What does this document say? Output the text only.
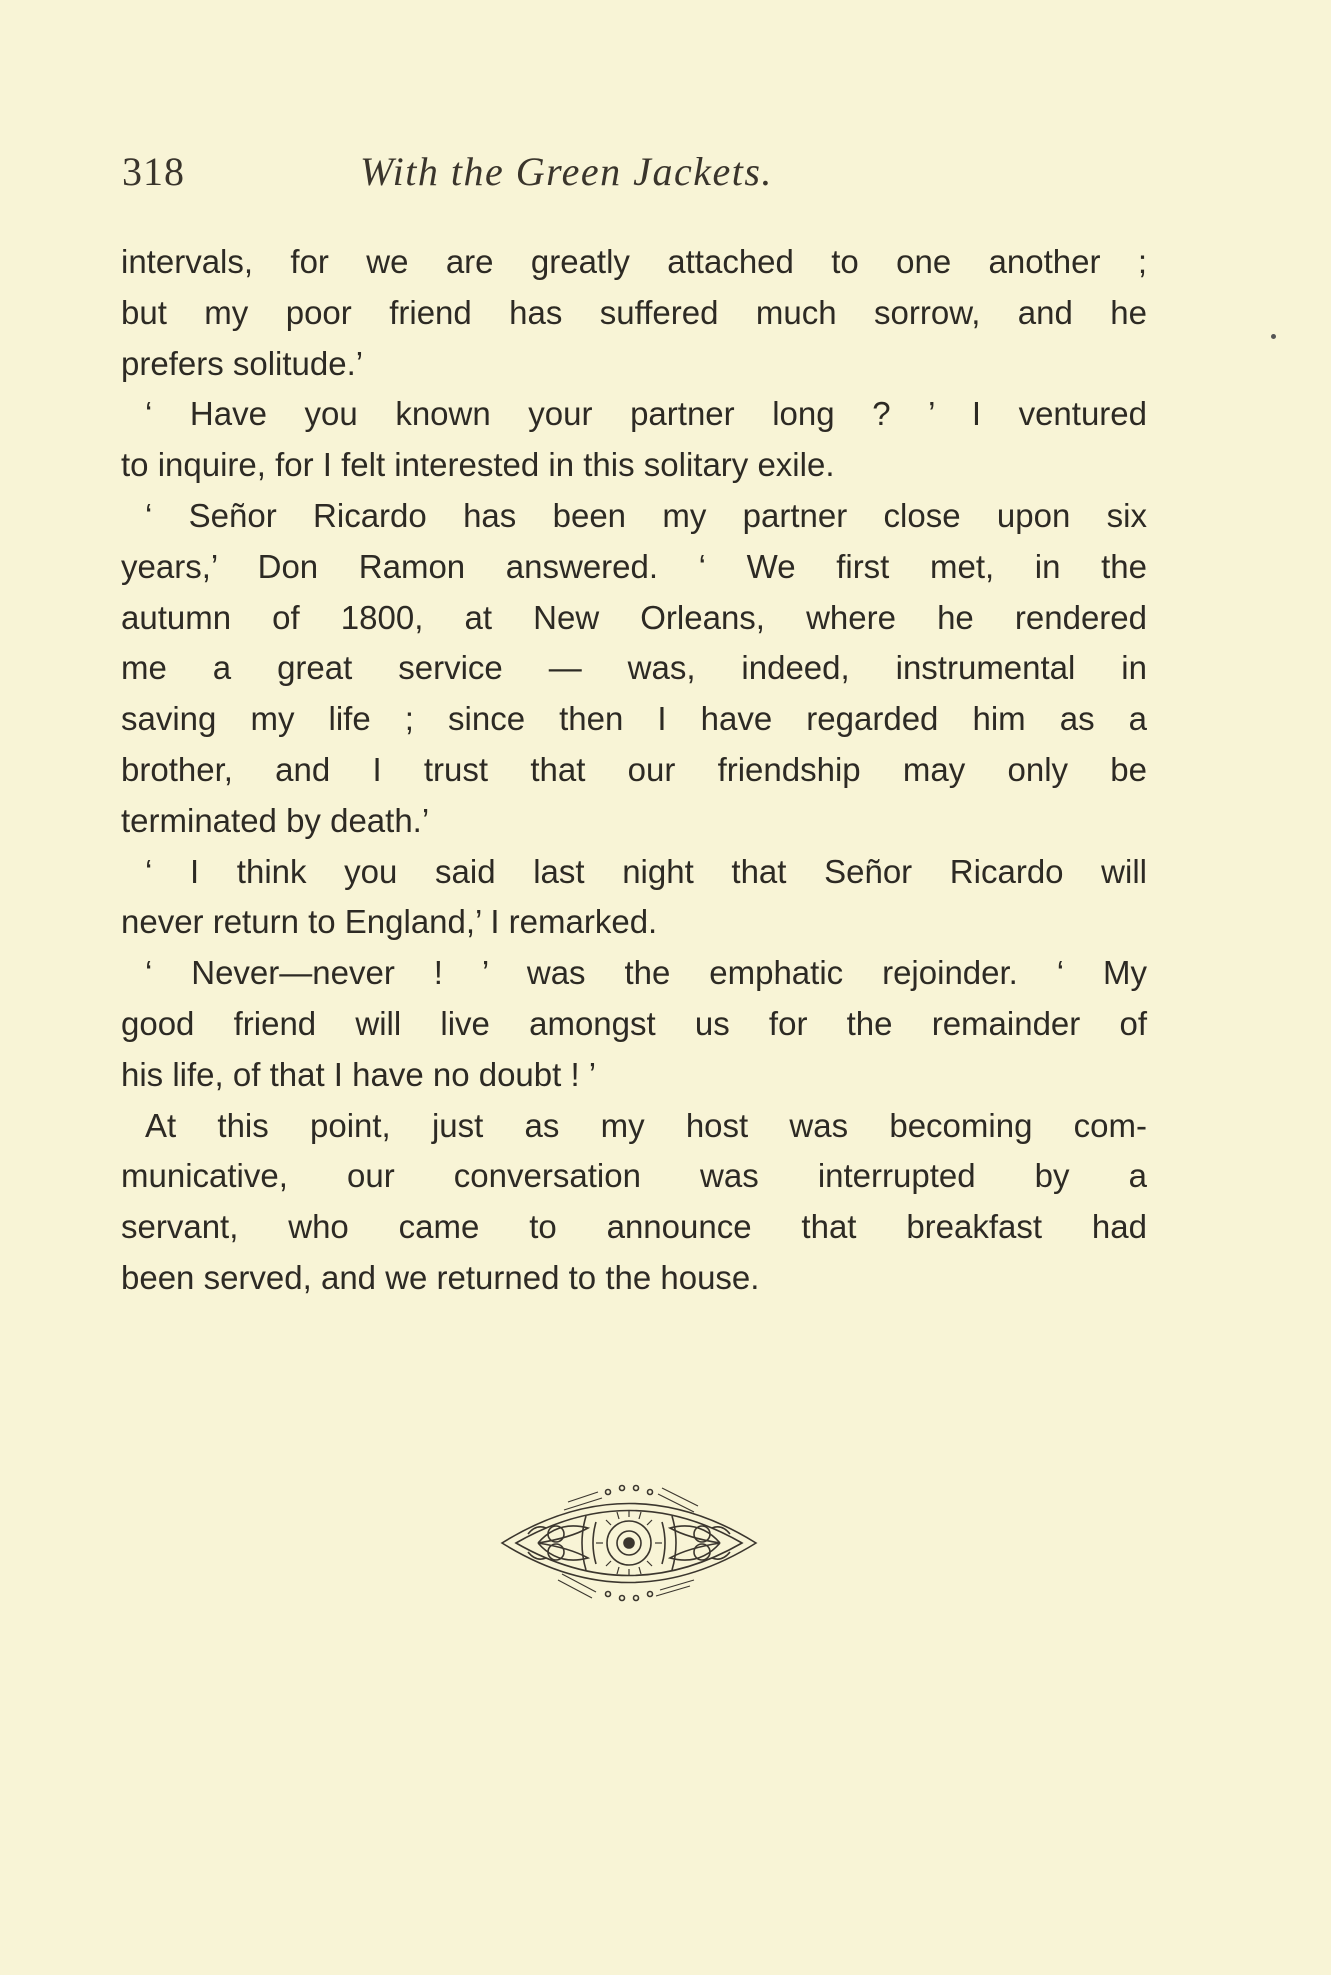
318	With the Green Jackets.
intervals, for we are greatly attached to one another ;
but my poor friend has suffered much sorrow, and he
prefers solitude.’
‘ Have you known your partner long ? ’ I ventured
to inquire, for I felt interested in this solitary exile.
‘ Señor Ricardo has been my partner close upon six
years,’ Don Ramon answered. ‘ We first met, in the
autumn of 1800, at New Orleans, where he rendered
me a great service — was, indeed, instrumental in
saving my life ; since then I have regarded him as a
brother, and I trust that our friendship may only be
terminated by death.’
‘ I think you said last night that Señor Ricardo will
never return to England,’ I remarked.
‘ Never—never ! ’ was the emphatic rejoinder. ‘ My
good friend will live amongst us for the remainder of
his life, of that I have no doubt ! ’
At this point, just as my host was becoming com-
municative, our conversation was interrupted by a
servant, who came to announce that breakfast had
been served, and we returned to the house.
